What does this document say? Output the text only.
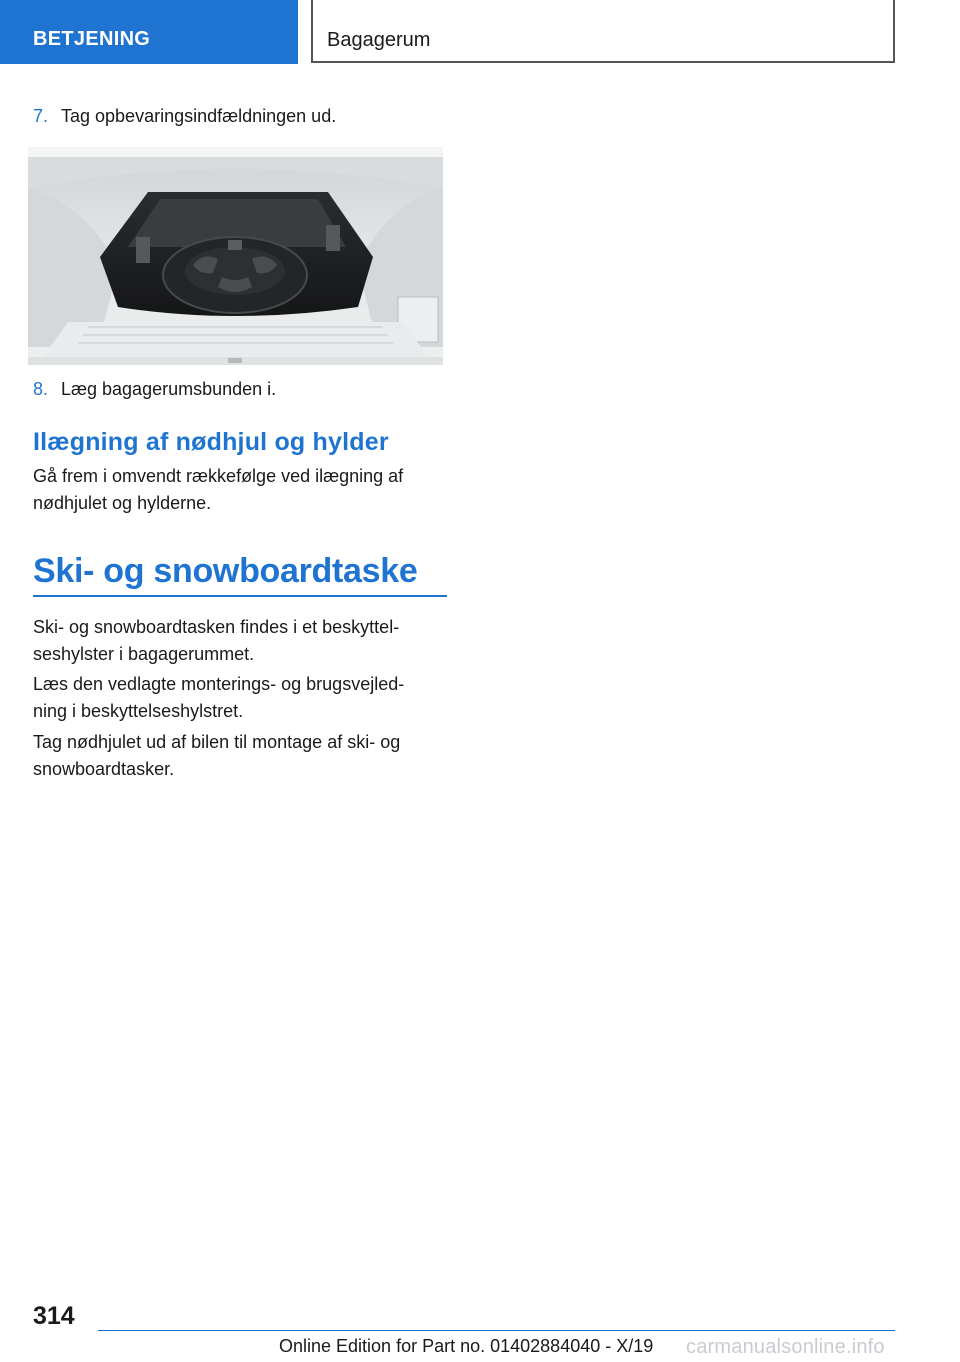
BETJENING	Bagagerum
7. Tag opbevaringsindfældningen ud.
8. Læg bagagerumsbunden i.
Ilægning af nødhjul og hylder

Gå frem i omvendt rækkefølge ved ilægning af
nødhjulet og hylderne.

Ski- og snowboardtaske

Ski- og snowboardtasken findes i et beskyttel‐
seshylster i bagagerummet.

Læs den vedlagte monterings- og brugsvejled‐
ning i beskyttelseshylstret.

Tag nødhjulet ud af bilen til montage af ski- og
snowboardtasker.

314
Online Edition for Part no. 01402884040 - X/19 carmanualsonline.info
